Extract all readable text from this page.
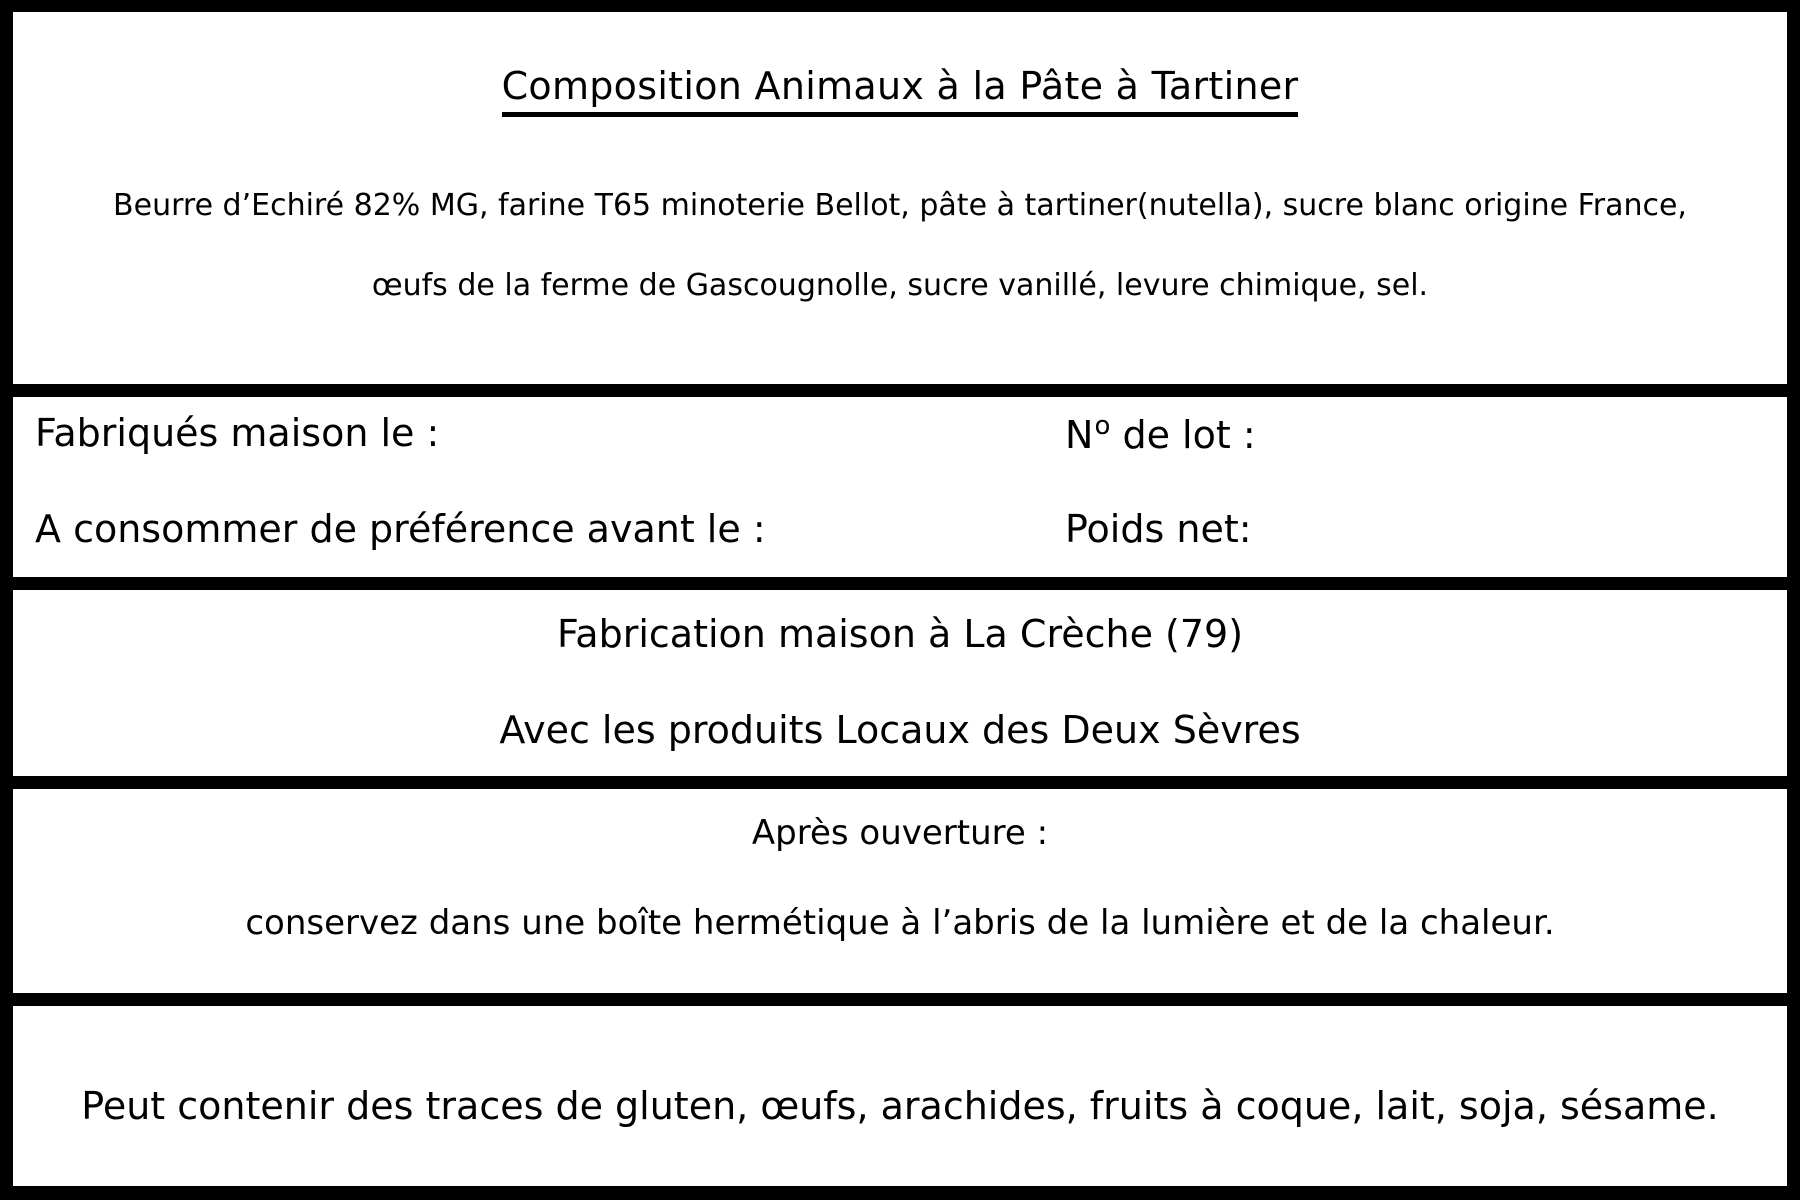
Composition Animaux à la Pâte à Tartiner
Beurre d’Echiré 82% MG, farine T65 minoterie Bellot, pâte à tartiner(nutella), sucre blanc origine France,
œufs de la ferme de Gascougnolle, sucre vanillé, levure chimique, sel.
Fabriqués maison le :
A consommer de préférence avant le :
$N^o$ de lot :
Poids net:
Fabrication maison à La Crèche (79)
Avec les produits Locaux des Deux Sèvres
Après ouverture :
conservez dans une boîte hermétique à l’abris de la lumière et de la chaleur.
Peut contenir des traces de gluten, œufs, arachides, fruits à coque, lait, soja, sésame.
